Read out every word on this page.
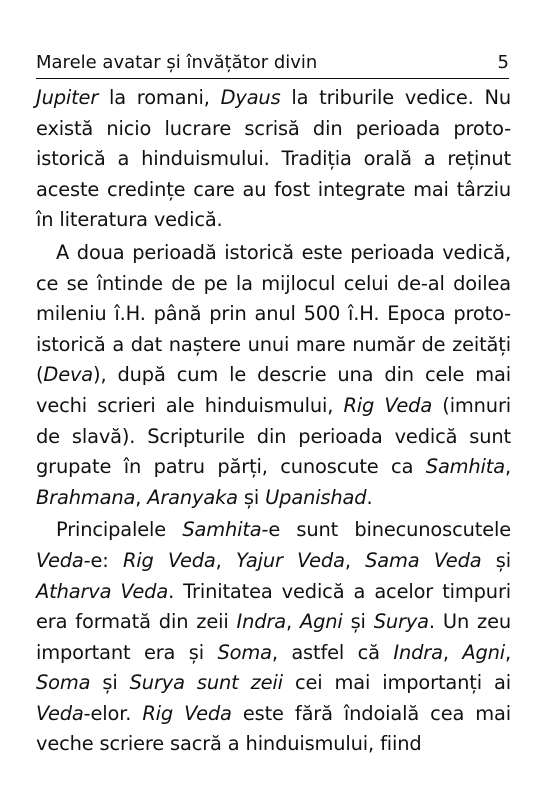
Marele avatar și învățător divin	5

Jupiter la romani, Dyaus la triburile vedice. Nu există nicio lucrare scrisă din perioada proto-istorică a hinduismului. Tradiția orală a reținut aceste credințe care au fost integrate mai târziu în literatura vedică.

A doua perioadă istorică este perioada vedică, ce se întinde de pe la mijlocul celui de-al doilea mileniu î.H. până prin anul 500 î.H. Epoca proto-istorică a dat naștere unui mare număr de zeități (Deva), după cum le descrie una din cele mai vechi scrieri ale hinduismului, Rig Veda (imnuri de slavă). Scripturile din perioada vedică sunt grupate în patru părți, cunoscute ca Samhita, Brahmana, Aranyaka și Upanishad.

Principalele Samhita-e sunt binecunoscutele Veda-e: Rig Veda, Yajur Veda, Sama Veda și Atharva Veda. Trinitatea vedică a acelor timpuri era formată din zeii Indra, Agni și Surya. Un zeu important era și Soma, astfel că Indra, Agni, Soma și Surya sunt zeii cei mai importanți ai Veda-elor. Rig Veda este fără îndoială cea mai veche scriere sacră a hinduismului, fiind
